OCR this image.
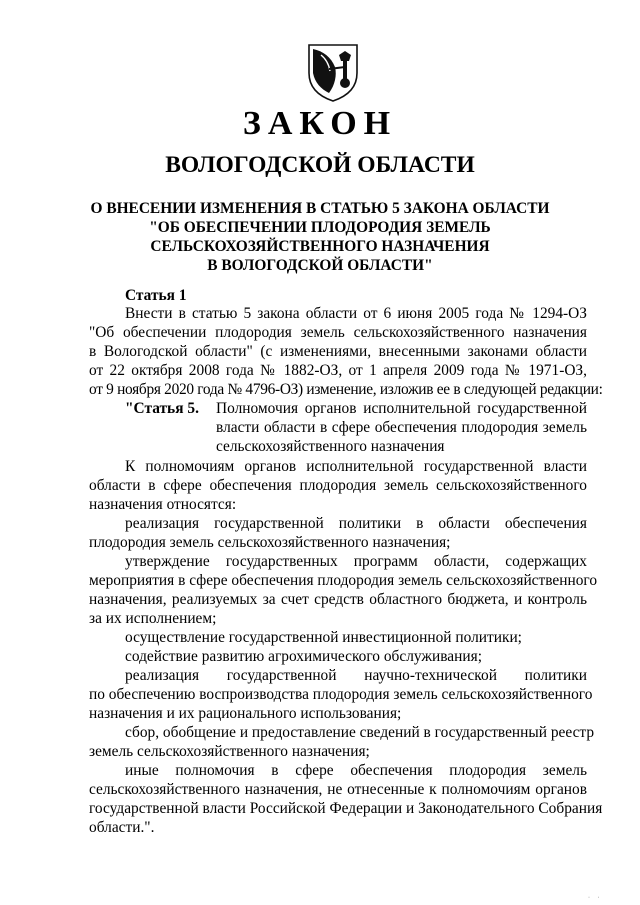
ЗАКОН
ВОЛОГОДСКОЙ ОБЛАСТИ
О ВНЕСЕНИИ ИЗМЕНЕНИЯ В СТАТЬЮ 5 ЗАКОНА ОБЛАСТИ
"ОБ ОБЕСПЕЧЕНИИ ПЛОДОРОДИЯ ЗЕМЕЛЬ
СЕЛЬСКОХОЗЯЙСТВЕННОГО НАЗНАЧЕНИЯ
В ВОЛОГОДСКОЙ ОБЛАСТИ"
Статья 1
Внести в статью 5 закона области от 6 июня 2005 года № 1294-ОЗ
"Об обеспечении плодородия земель сельскохозяйственного назначения
в Вологодской области" (с изменениями, внесенными законами области
от 22 октября 2008 года № 1882-ОЗ, от 1 апреля 2009 года № 1971-ОЗ,
от 9 ноября 2020 года № 4796-ОЗ) изменение, изложив ее в следующей редакции:
"Статья 5. Полномочия органов исполнительной государственной
власти области в сфере обеспечения плодородия земель
сельскохозяйственного назначения
К полномочиям органов исполнительной государственной власти
области в сфере обеспечения плодородия земель сельскохозяйственного
назначения относятся:
реализация государственной политики в области обеспечения
плодородия земель сельскохозяйственного назначения;
утверждение государственных программ области, содержащих
мероприятия в сфере обеспечения плодородия земель сельскохозяйственного
назначения, реализуемых за счет средств областного бюджета, и контроль
за их исполнением;
осуществление государственной инвестиционной политики;
содействие развитию агрохимического обслуживания;
реализация государственной научно-технической политики
по обеспечению воспроизводства плодородия земель сельскохозяйственного
назначения и их рационального использования;
сбор, обобщение и предоставление сведений в государственный реестр
земель сельскохозяйственного назначения;
иные полномочия в сфере обеспечения плодородия земель
сельскохозяйственного назначения, не отнесенные к полномочиям органов
государственной власти Российской Федерации и Законодательного Собрания
области.".
· ·
